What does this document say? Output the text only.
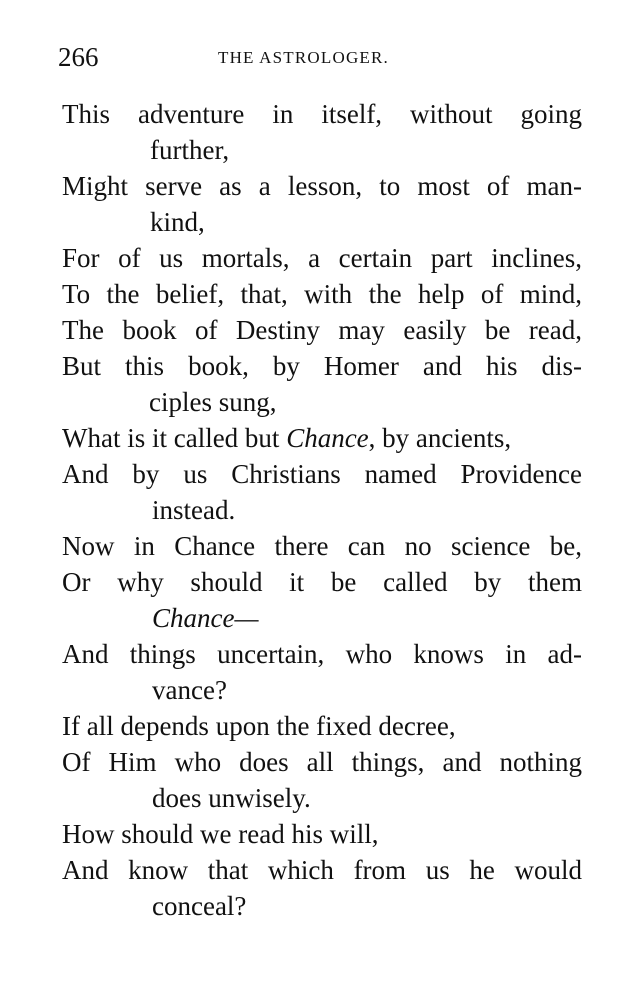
266	THE ASTROLOGER.
This adventure in itself, without going
further,
Might serve as a lesson, to most of man-
kind,
For of us mortals, a certain part inclines,
To the belief, that, with the help of mind,
The book of Destiny may easily be read,
But this book, by Homer and his dis-
ciples sung,
What is it called but Chance, by ancients,
And by us Christians named Providence
instead.
Now in Chance there can no science be,
Or why should it be called by them
Chance—
And things uncertain, who knows in ad-
vance?
If all depends upon the fixed decree,
Of Him who does all things, and nothing
does unwisely.
How should we read his will,
And know that which from us he would
conceal?
